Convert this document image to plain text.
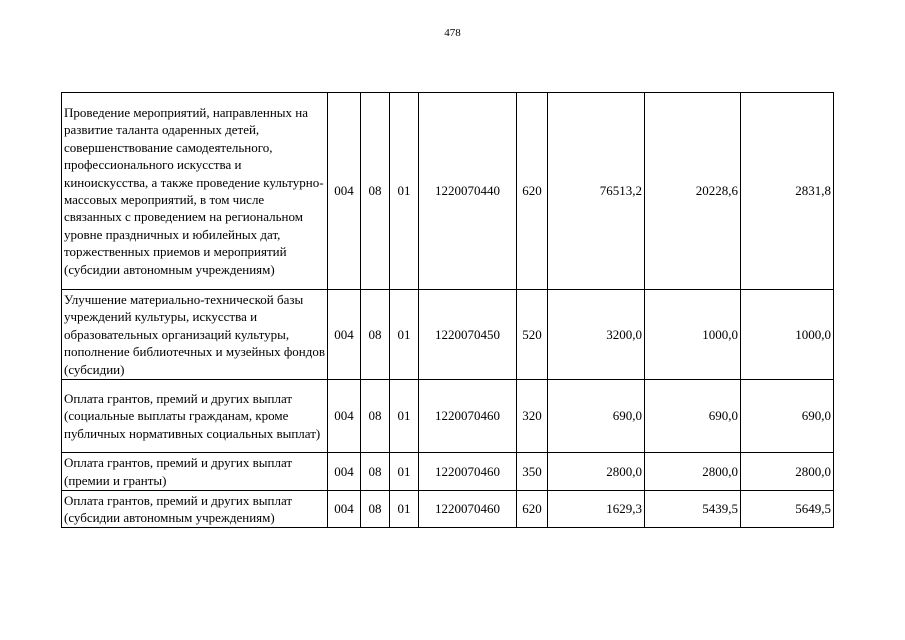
478
Проведение мероприятий, направленных на развитие таланта одаренных детей, совершенствование самодеятельного, профессионального искусства и киноискусства, а также проведение культурно-массовых мероприятий, в том числе связанных с проведением на региональном уровне праздничных и юбилейных дат, торжественных приемов и мероприятий (субсидии автономным учреждениям)	004	08	01	1220070440	620	76513,2	20228,6	2831,8
Улучшение материально-технической базы учреждений культуры, искусства и образовательных организаций культуры, пополнение библиотечных и музейных фондов (субсидии)	004	08	01	1220070450	520	3200,0	1000,0	1000,0
Оплата грантов, премий и других выплат (социальные выплаты гражданам, кроме публичных нормативных социальных выплат)	004	08	01	1220070460	320	690,0	690,0	690,0
Оплата грантов, премий и других выплат (премии и гранты)	004	08	01	1220070460	350	2800,0	2800,0	2800,0
Оплата грантов, премий и других выплат (субсидии автономным учреждениям)	004	08	01	1220070460	620	1629,3	5439,5	5649,5
